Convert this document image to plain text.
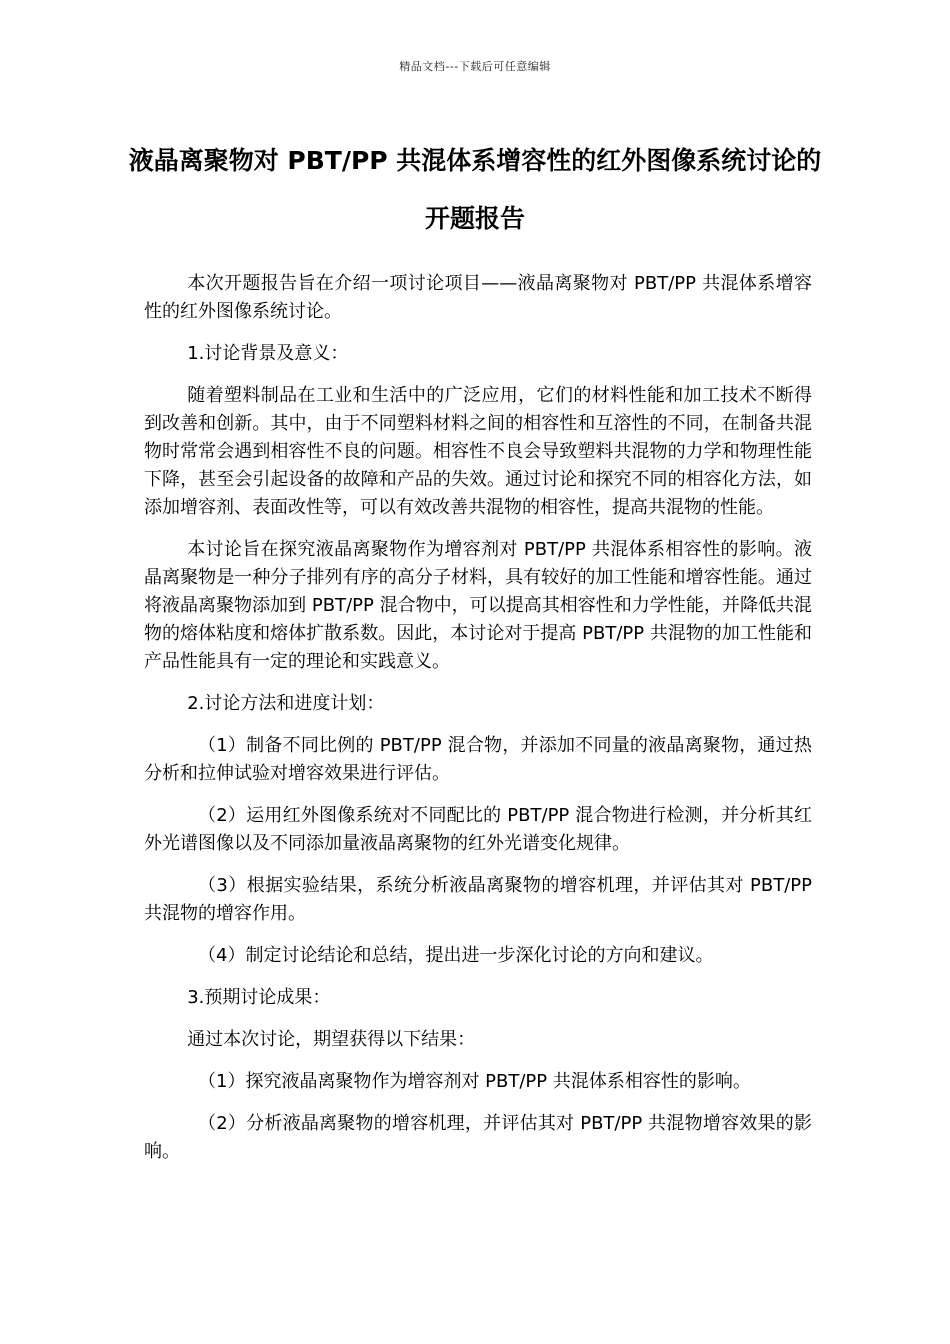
精品文档---下载后可任意编辑
液晶离聚物对 PBT/PP 共混体系增容性的红外图像系统讨论的开题报告

本次开题报告旨在介绍一项讨论项目——液晶离聚物对 PBT/PP 共混体系增容性的红外图像系统讨论。

1.讨论背景及意义：

随着塑料制品在工业和生活中的广泛应用，它们的材料性能和加工技术不断得到改善和创新。其中，由于不同塑料材料之间的相容性和互溶性的不同，在制备共混物时常常会遇到相容性不良的问题。相容性不良会导致塑料共混物的力学和物理性能下降，甚至会引起设备的故障和产品的失效。通过讨论和探究不同的相容化方法，如添加增容剂、表面改性等，可以有效改善共混物的相容性，提高共混物的性能。

本讨论旨在探究液晶离聚物作为增容剂对 PBT/PP 共混体系相容性的影响。液晶离聚物是一种分子排列有序的高分子材料，具有较好的加工性能和增容性能。通过将液晶离聚物添加到 PBT/PP 混合物中，可以提高其相容性和力学性能，并降低共混物的熔体粘度和熔体扩散系数。因此，本讨论对于提高 PBT/PP 共混物的加工性能和产品性能具有一定的理论和实践意义。

2.讨论方法和进度计划：

（1）制备不同比例的 PBT/PP 混合物，并添加不同量的液晶离聚物，通过热分析和拉伸试验对增容效果进行评估。

（2）运用红外图像系统对不同配比的 PBT/PP 混合物进行检测，并分析其红外光谱图像以及不同添加量液晶离聚物的红外光谱变化规律。

（3）根据实验结果，系统分析液晶离聚物的增容机理，并评估其对 PBT/PP 共混物的增容作用。

（4）制定讨论结论和总结，提出进一步深化讨论的方向和建议。

3.预期讨论成果：

通过本次讨论，期望获得以下结果：

（1）探究液晶离聚物作为增容剂对 PBT/PP 共混体系相容性的影响。

（2）分析液晶离聚物的增容机理，并评估其对 PBT/PP 共混物增容效果的影响。
